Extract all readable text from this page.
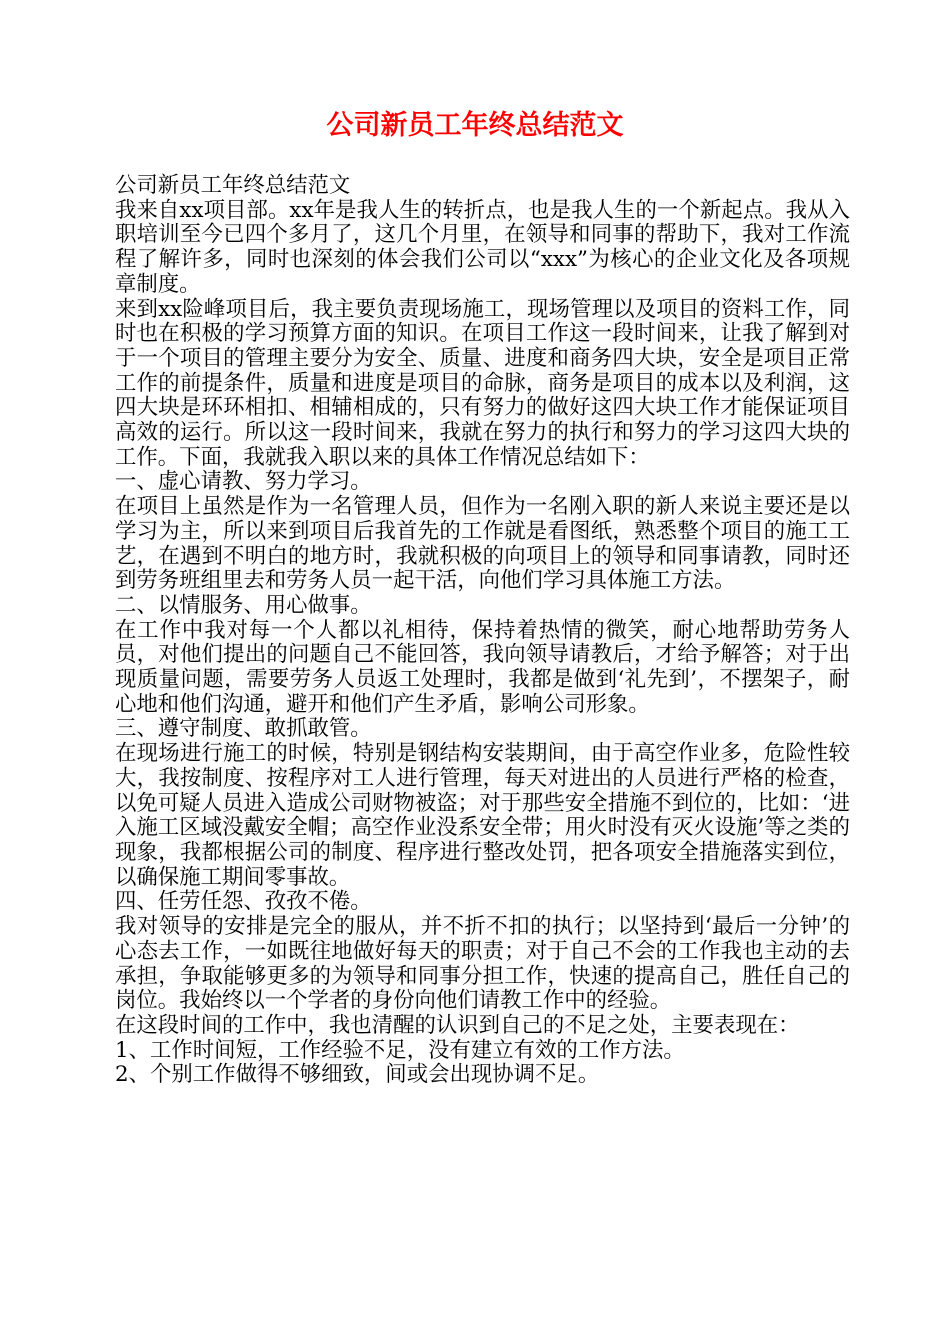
公司新员工年终总结范文

公司新员工年终总结范文

我来自xx项目部。xx年是我人生的转折点，也是我人生的一个新起点。我从入职培训至今已四个多月了，这几个月里，在领导和同事的帮助下，我对工作流程了解许多，同时也深刻的体会我们公司以“xxx”为核心的企业文化及各项规章制度。

来到xx险峰项目后，我主要负责现场施工，现场管理以及项目的资料工作，同时也在积极的学习预算方面的知识。在项目工作这一段时间来，让我了解到对于一个项目的管理主要分为安全、质量、进度和商务四大块，安全是项目正常工作的前提条件，质量和进度是项目的命脉，商务是项目的成本以及利润，这四大块是环环相扣、相辅相成的，只有努力的做好这四大块工作才能保证项目高效的运行。所以这一段时间来，我就在努力的执行和努力的学习这四大块的工作。下面，我就我入职以来的具体工作情况总结如下：

一、虚心请教、努力学习。

在项目上虽然是作为一名管理人员，但作为一名刚入职的新人来说主要还是以学习为主，所以来到项目后我首先的工作就是看图纸，熟悉整个项目的施工工艺，在遇到不明白的地方时，我就积极的向项目上的领导和同事请教，同时还到劳务班组里去和劳务人员一起干活，向他们学习具体施工方法。

二、以情服务、用心做事。

在工作中我对每一个人都以礼相待，保持着热情的微笑，耐心地帮助劳务人员，对他们提出的问题自己不能回答，我向领导请教后，才给予解答；对于出现质量问题，需要劳务人员返工处理时，我都是做到‘礼先到’，不摆架子，耐心地和他们沟通，避开和他们产生矛盾，影响公司形象。

三、遵守制度、敢抓敢管。

在现场进行施工的时候，特别是钢结构安装期间，由于高空作业多，危险性较大，我按制度、按程序对工人进行管理，每天对进出的人员进行严格的检查，以免可疑人员进入造成公司财物被盗；对于那些安全措施不到位的，比如：‘进入施工区域没戴安全帽；高空作业没系安全带；用火时没有灭火设施’等之类的现象，我都根据公司的制度、程序进行整改处罚，把各项安全措施落实到位，以确保施工期间零事故。

四、任劳任怨、孜孜不倦。

我对领导的安排是完全的服从，并不折不扣的执行；以坚持到‘最后一分钟’的心态去工作，一如既往地做好每天的职责；对于自己不会的工作我也主动的去承担，争取能够更多的为领导和同事分担工作，快速的提高自己，胜任自己的岗位。我始终以一个学者的身份向他们请教工作中的经验。

在这段时间的工作中，我也清醒的认识到自己的不足之处，主要表现在：

1、工作时间短，工作经验不足，没有建立有效的工作方法。

2、个别工作做得不够细致，间或会出现协调不足。
